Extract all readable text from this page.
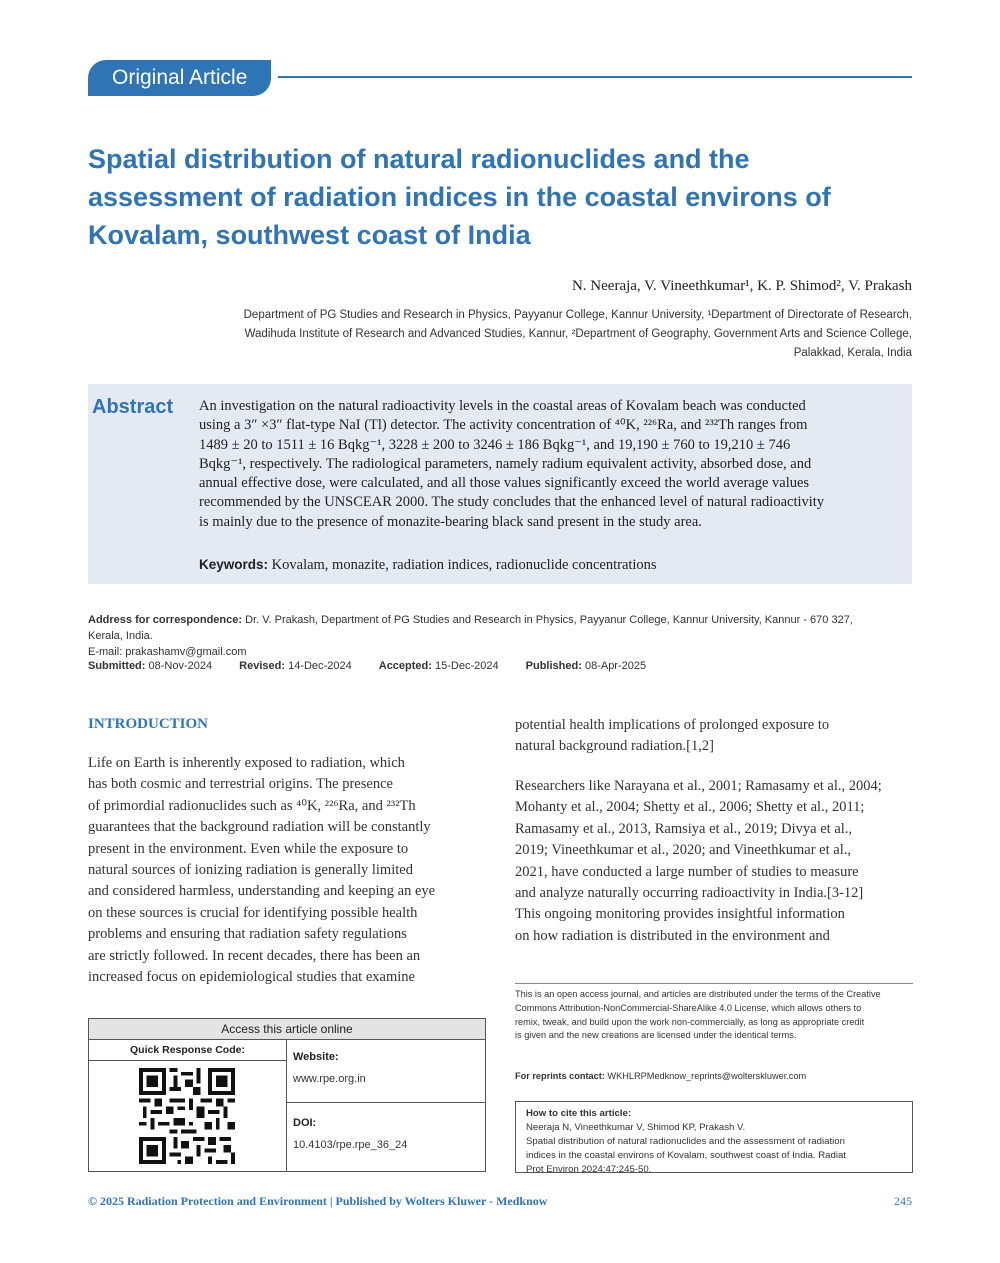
Original Article
Spatial distribution of natural radionuclides and the
assessment of radiation indices in the coastal environs of
Kovalam, southwest coast of India
N. Neeraja, V. Vineethkumar¹, K. P. Shimod², V. Prakash
Department of PG Studies and Research in Physics, Payyanur College, Kannur University, ¹Department of Directorate of Research,
Wadihuda Institute of Research and Advanced Studies, Kannur, ²Department of Geography, Government Arts and Science College,
Palakkad, Kerala, India
Abstract An investigation on the natural radioactivity levels in the coastal areas of Kovalam beach was conducted
using a 3″ ×3″ flat-type NaI (Tl) detector. The activity concentration of ⁴⁰K, ²²⁶Ra, and ²³²Th ranges from
1489 ± 20 to 1511 ± 16 Bqkg⁻¹, 3228 ± 200 to 3246 ± 186 Bqkg⁻¹, and 19,190 ± 760 to 19,210 ± 746
Bqkg⁻¹, respectively. The radiological parameters, namely radium equivalent activity, absorbed dose, and
annual effective dose, were calculated, and all those values significantly exceed the world average values
recommended by the UNSCEAR 2000. The study concludes that the enhanced level of natural radioactivity
is mainly due to the presence of monazite-bearing black sand present in the study area.
Keywords: Kovalam, monazite, radiation indices, radionuclide concentrations
Address for correspondence: Dr. V. Prakash, Department of PG Studies and Research in Physics, Payyanur College, Kannur University, Kannur - 670 327,
Kerala, India.
E-mail: prakashamv@gmail.com
Submitted: 08-Nov-2024 Revised: 14-Dec-2024 Accepted: 15-Dec-2024 Published: 08-Apr-2025
INTRODUCTION
Life on Earth is inherently exposed to radiation, which
has both cosmic and terrestrial origins. The presence
of primordial radionuclides such as ⁴⁰K, ²²⁶Ra, and ²³²Th
guarantees that the background radiation will be constantly
present in the environment. Even while the exposure to
natural sources of ionizing radiation is generally limited
and considered harmless, understanding and keeping an eye
on these sources is crucial for identifying possible health
problems and ensuring that radiation safety regulations
are strictly followed. In recent decades, there has been an
increased focus on epidemiological studies that examine
potential health implications of prolonged exposure to
natural background radiation.[1,2]
Researchers like Narayana et al., 2001; Ramasamy et al., 2004;
Mohanty et al., 2004; Shetty et al., 2006; Shetty et al., 2011;
Ramasamy et al., 2013, Ramsiya et al., 2019; Divya et al.,
2019; Vineethkumar et al., 2020; and Vineethkumar et al.,
2021, have conducted a large number of studies to measure
and analyze naturally occurring radioactivity in India.[3-12]
This ongoing monitoring provides insightful information
on how radiation is distributed in the environment and
This is an open access journal, and articles are distributed under the terms of the Creative
Commons Attribution-NonCommercial-ShareAlike 4.0 License, which allows others to
remix, tweak, and build upon the work non-commercially, as long as appropriate credit
is given and the new creations are licensed under the identical terms.
For reprints contact: WKHLRPMedknow_reprints@wolterskluwer.com
How to cite this article:
Neeraja N, Vineethkumar V, Shimod KP, Prakash V.
Spatial distribution of natural radionuclides and the assessment of radiation
indices in the coastal environs of Kovalam, southwest coast of India. Radiat
Prot Environ 2024;47:245-50.
Access this article online
Quick Response Code:
Website:
www.rpe.org.in
DOI:
10.4103/rpe.rpe_36_24
© 2025 Radiation Protection and Environment | Published by Wolters Kluwer - Medknow	245
